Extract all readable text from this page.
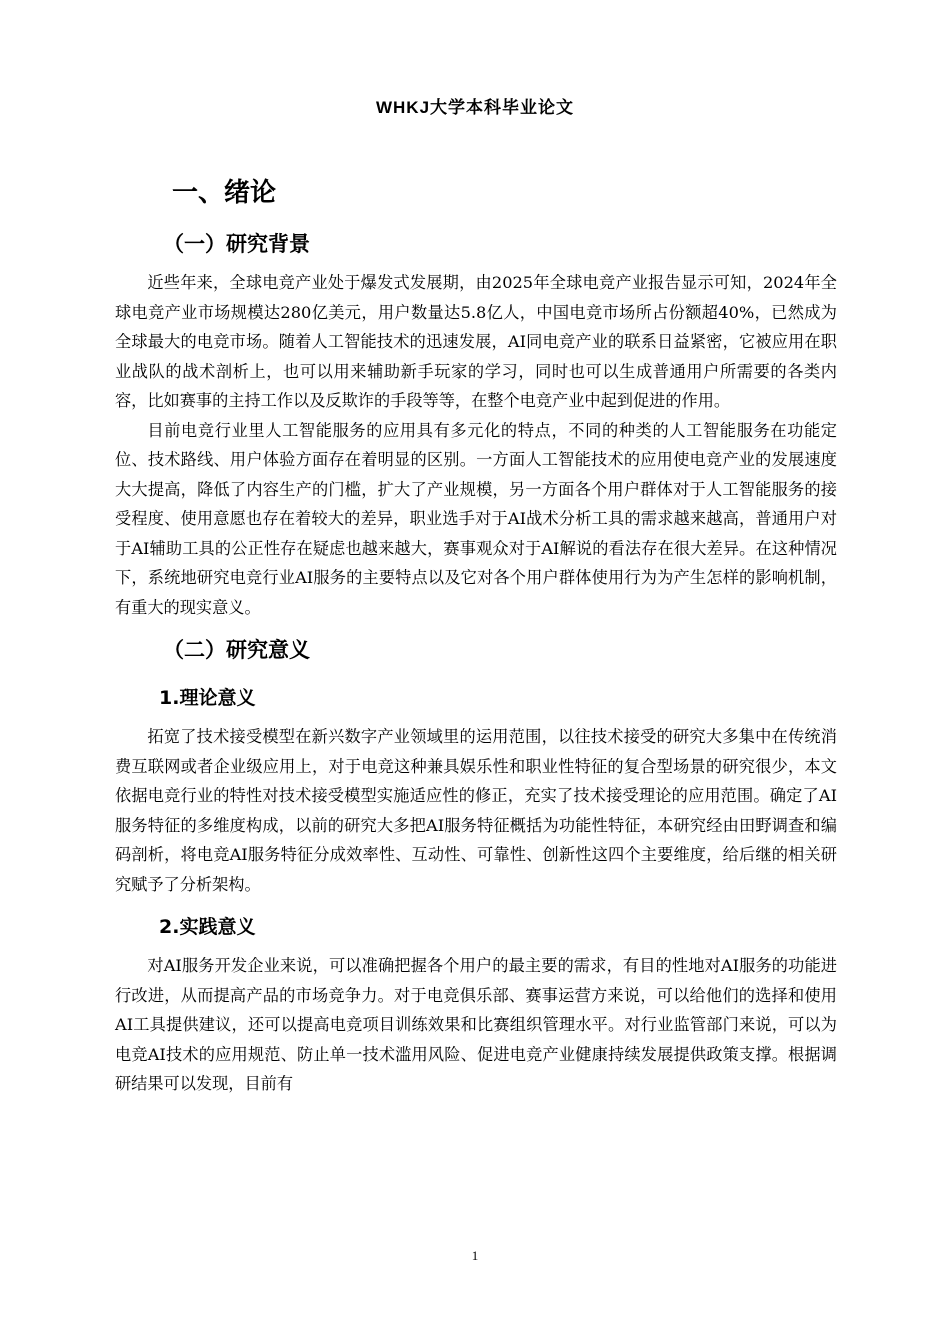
WHKJ大学本科毕业论文
一、绪论
（一）研究背景

近些年来，全球电竞产业处于爆发式发展期，由2025年全球电竞产业报告显示可知，2024年全球电竞产业市场规模达280亿美元，用户数量达5.8亿人，中国电竞市场所占份额超40%，已然成为全球最大的电竞市场。随着人工智能技术的迅速发展，AI同电竞产业的联系日益紧密，它被应用在职业战队的战术剖析上，也可以用来辅助新手玩家的学习，同时也可以生成普通用户所需要的各类内容，比如赛事的主持工作以及反欺诈的手段等等，在整个电竞产业中起到促进的作用。

目前电竞行业里人工智能服务的应用具有多元化的特点，不同的种类的人工智能服务在功能定位、技术路线、用户体验方面存在着明显的区别。一方面人工智能技术的应用使电竞产业的发展速度大大提高，降低了内容生产的门槛，扩大了产业规模，另一方面各个用户群体对于人工智能服务的接受程度、使用意愿也存在着较大的差异，职业选手对于AI战术分析工具的需求越来越高，普通用户对于AI辅助工具的公正性存在疑虑也越来越大，赛事观众对于AI解说的看法存在很大差异。在这种情况下，系统地研究电竞行业AI服务的主要特点以及它对各个用户群体使用行为为产生怎样的影响机制，有重大的现实意义。

（二）研究意义
1.理论意义

拓宽了技术接受模型在新兴数字产业领域里的运用范围，以往技术接受的研究大多集中在传统消费互联网或者企业级应用上，对于电竞这种兼具娱乐性和职业性特征的复合型场景的研究很少，本文依据电竞行业的特性对技术接受模型实施适应性的修正，充实了技术接受理论的应用范围。确定了AI服务特征的多维度构成，以前的研究大多把AI服务特征概括为功能性特征，本研究经由田野调查和编码剖析，将电竞AI服务特征分成效率性、互动性、可靠性、创新性这四个主要维度，给后继的相关研究赋予了分析架构。

2.实践意义

对AI服务开发企业来说，可以准确把握各个用户的最主要的需求，有目的性地对AI服务的功能进行改进，从而提高产品的市场竞争力。对于电竞俱乐部、赛事运营方来说，可以给他们的选择和使用AI工具提供建议，还可以提高电竞项目训练效果和比赛组织管理水平。对行业监管部门来说，可以为电竞AI技术的应用规范、防止单一技术滥用风险、促进电竞产业健康持续发展提供政策支撑。根据调研结果可以发现，目前有

1
